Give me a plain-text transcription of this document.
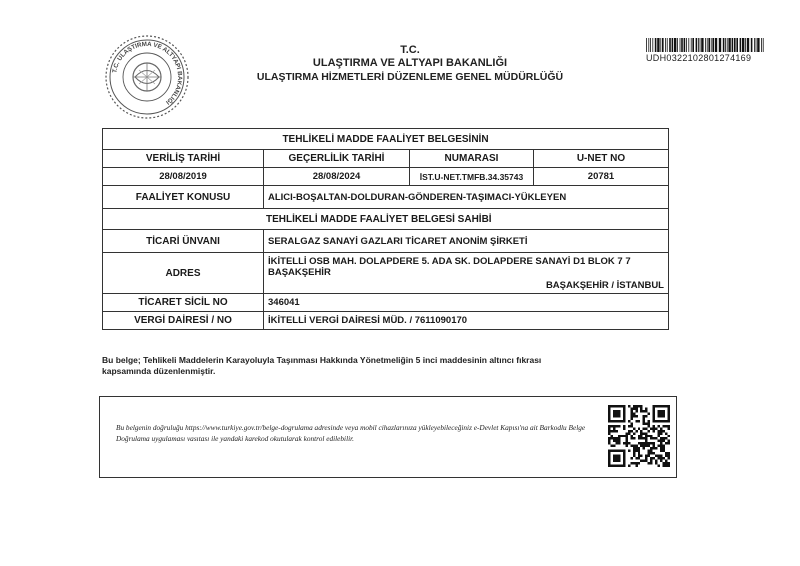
T.C. ULAŞTIRMA VE ALTYAPI BAKANLIĞI
T.C.
ULAŞTIRMA VE ALTYAPI BAKANLIĞI
ULAŞTIRMA HİZMETLERİ DÜZENLEME GENEL MÜDÜRLÜĞÜ
UDH0322102801274169
TEHLİKELİ MADDE FAALİYET BELGESİNİN			
VERİLİŞ TARİHİ	GEÇERLİLİK TARİHİ	NUMARASI	U-NET NO
28/08/2019	28/08/2024	İST.U-NET.TMFB.34.35743	20781
FAALİYET KONUSU	ALICI-BOŞALTAN-DOLDURAN-GÖNDEREN-TAŞIMACI-YÜKLEYEN		
TEHLİKELİ MADDE FAALİYET BELGESİ SAHİBİ			
TİCARİ ÜNVANI	SERALGAZ SANAYİ GAZLARI TİCARET ANONİM ŞİRKETİ		
ADRES	İKİTELLİ OSB MAH. DOLAPDERE 5. ADA SK. DOLAPDERE SANAYİ D1 BLOK 7 7
BAŞAKŞEHİR
BAŞAKŞEHİR / İSTANBUL		

TİCARET SİCİL NO	346041		
VERGİ DAİRESİ / NO	İKİTELLİ VERGİ DAİRESİ MÜD. / 7611090170		
Bu belge; Tehlikeli Maddelerin Karayoluyla Taşınması Hakkında Yönetmeliğin 5 inci maddesinin altıncı fıkrası kapsamında düzenlenmiştir.
Bu belgenin doğruluğu https://www.turkiye.gov.tr/belge-dogrulama adresinde veya mobil cihazlarınıza yükleyebileceğiniz e-Devlet Kapısı'na ait Barkodlu Belge Doğrulama uygulaması vasıtası ile yandaki karekod okutularak kontrol edilebilir.
